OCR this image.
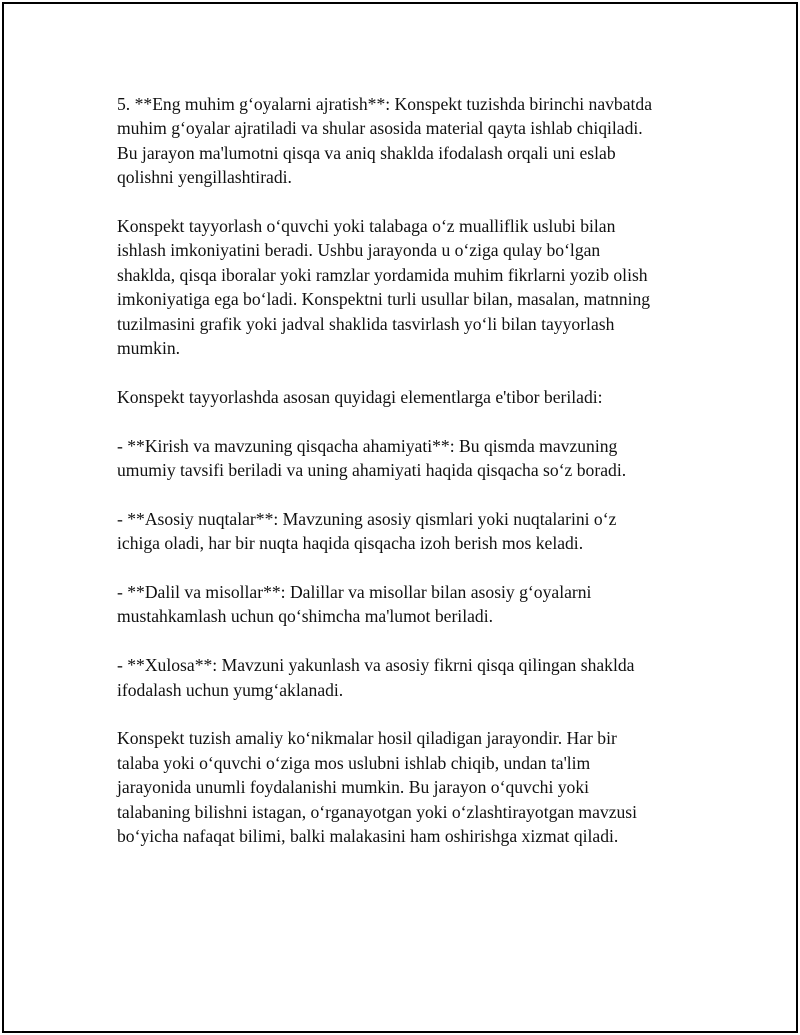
5. **Eng muhim g‘oyalarni ajratish**: Konspekt tuzishda birinchi navbatda
muhim g‘oyalar ajratiladi va shular asosida material qayta ishlab chiqiladi.
Bu jarayon ma'lumotni qisqa va aniq shaklda ifodalash orqali uni eslab
qolishni yengillashtiradi.

Konspekt tayyorlash o‘quvchi yoki talabaga o‘z mualliflik uslubi bilan
ishlash imkoniyatini beradi. Ushbu jarayonda u o‘ziga qulay bo‘lgan
shaklda, qisqa iboralar yoki ramzlar yordamida muhim fikrlarni yozib olish
imkoniyatiga ega bo‘ladi. Konspektni turli usullar bilan, masalan, matnning
tuzilmasini grafik yoki jadval shaklida tasvirlash yo‘li bilan tayyorlash
mumkin.

Konspekt tayyorlashda asosan quyidagi elementlarga e'tibor beriladi:

- **Kirish va mavzuning qisqacha ahamiyati**: Bu qismda mavzuning
umumiy tavsifi beriladi va uning ahamiyati haqida qisqacha so‘z boradi.

- **Asosiy nuqtalar**: Mavzuning asosiy qismlari yoki nuqtalarini o‘z
ichiga oladi, har bir nuqta haqida qisqacha izoh berish mos keladi.

- **Dalil va misollar**: Dalillar va misollar bilan asosiy g‘oyalarni
mustahkamlash uchun qo‘shimcha ma'lumot beriladi.

- **Xulosa**: Mavzuni yakunlash va asosiy fikrni qisqa qilingan shaklda
ifodalash uchun yumg‘aklanadi.

Konspekt tuzish amaliy ko‘nikmalar hosil qiladigan jarayondir. Har bir
talaba yoki o‘quvchi o‘ziga mos uslubni ishlab chiqib, undan ta'lim
jarayonida unumli foydalanishi mumkin. Bu jarayon o‘quvchi yoki
talabaning bilishni istagan, o‘rganayotgan yoki o‘zlashtirayotgan mavzusi
bo‘yicha nafaqat bilimi, balki malakasini ham oshirishga xizmat qiladi.
